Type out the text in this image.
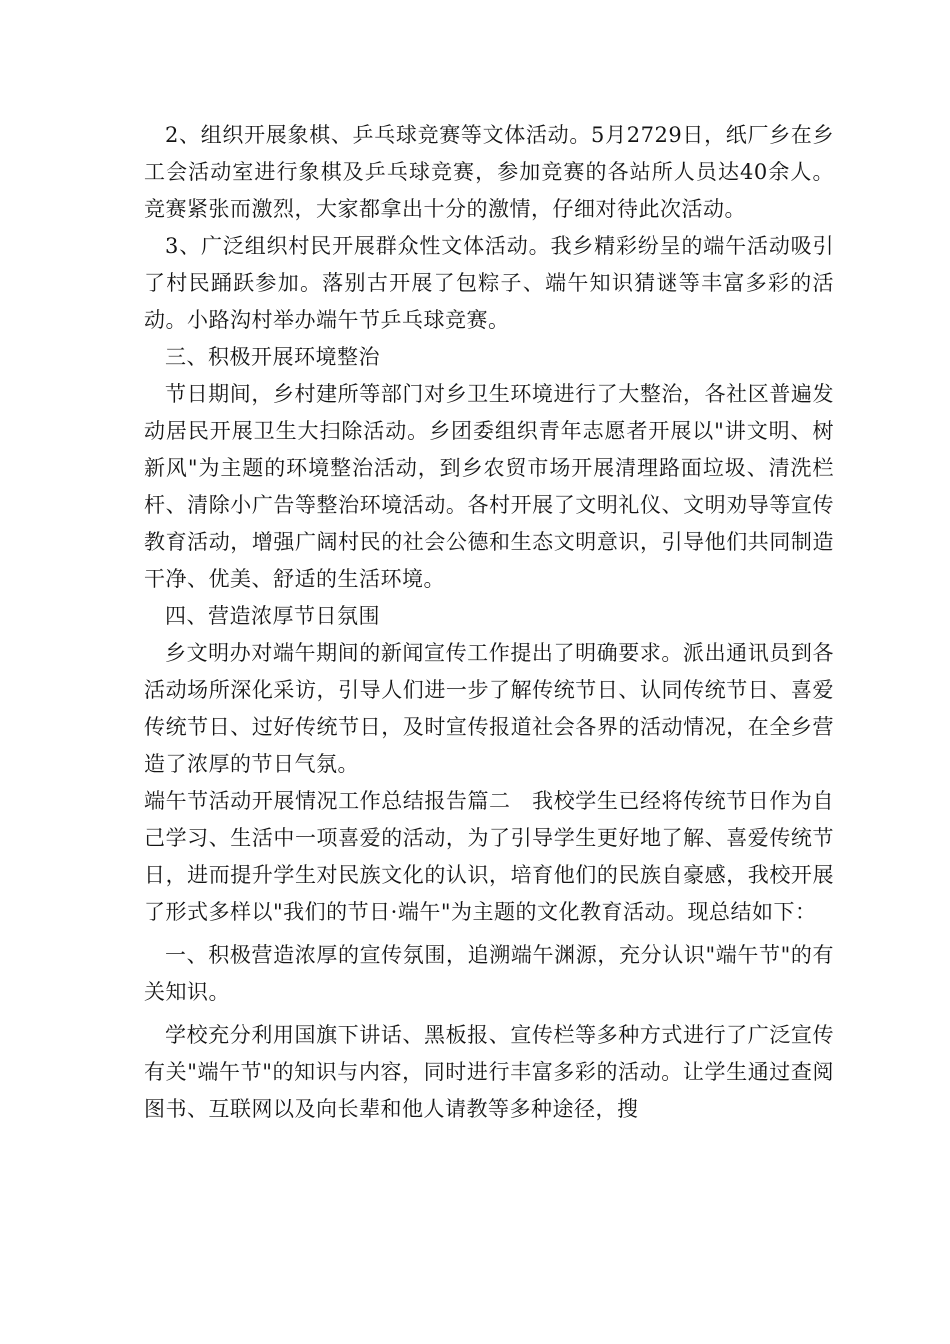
2、组织开展象棋、乒乓球竞赛等文体活动。5月2729日，纸厂乡在乡工会活动室进行象棋及乒乓球竞赛，参加竞赛的各站所人员达40余人。竞赛紧张而激烈，大家都拿出十分的激情，仔细对待此次活动。

3、广泛组织村民开展群众性文体活动。我乡精彩纷呈的端午活动吸引了村民踊跃参加。落别古开展了包粽子、端午知识猜谜等丰富多彩的活动。小路沟村举办端午节乒乓球竞赛。

三、积极开展环境整治

节日期间，乡村建所等部门对乡卫生环境进行了大整治，各社区普遍发动居民开展卫生大扫除活动。乡团委组织青年志愿者开展以"讲文明、树新风"为主题的环境整治活动，到乡农贸市场开展清理路面垃圾、清洗栏杆、清除小广告等整治环境活动。各村开展了文明礼仪、文明劝导等宣传教育活动，增强广阔村民的社会公德和生态文明意识，引导他们共同制造干净、优美、舒适的生活环境。

四、营造浓厚节日氛围

乡文明办对端午期间的新闻宣传工作提出了明确要求。派出通讯员到各活动场所深化采访，引导人们进一步了解传统节日、认同传统节日、喜爱传统节日、过好传统节日，及时宣传报道社会各界的活动情况，在全乡营造了浓厚的节日气氛。

端午节活动开展情况工作总结报告篇二　我校学生已经将传统节日作为自己学习、生活中一项喜爱的活动，为了引导学生更好地了解、喜爱传统节日，进而提升学生对民族文化的认识，培育他们的民族自豪感，我校开展了形式多样以"我们的节日·端午"为主题的文化教育活动。现总结如下：

一、积极营造浓厚的宣传氛围，追溯端午渊源，充分认识"端午节"的有关知识。

学校充分利用国旗下讲话、黑板报、宣传栏等多种方式进行了广泛宣传有关"端午节"的知识与内容，同时进行丰富多彩的活动。让学生通过查阅图书、互联网以及向长辈和他人请教等多种途径，搜
